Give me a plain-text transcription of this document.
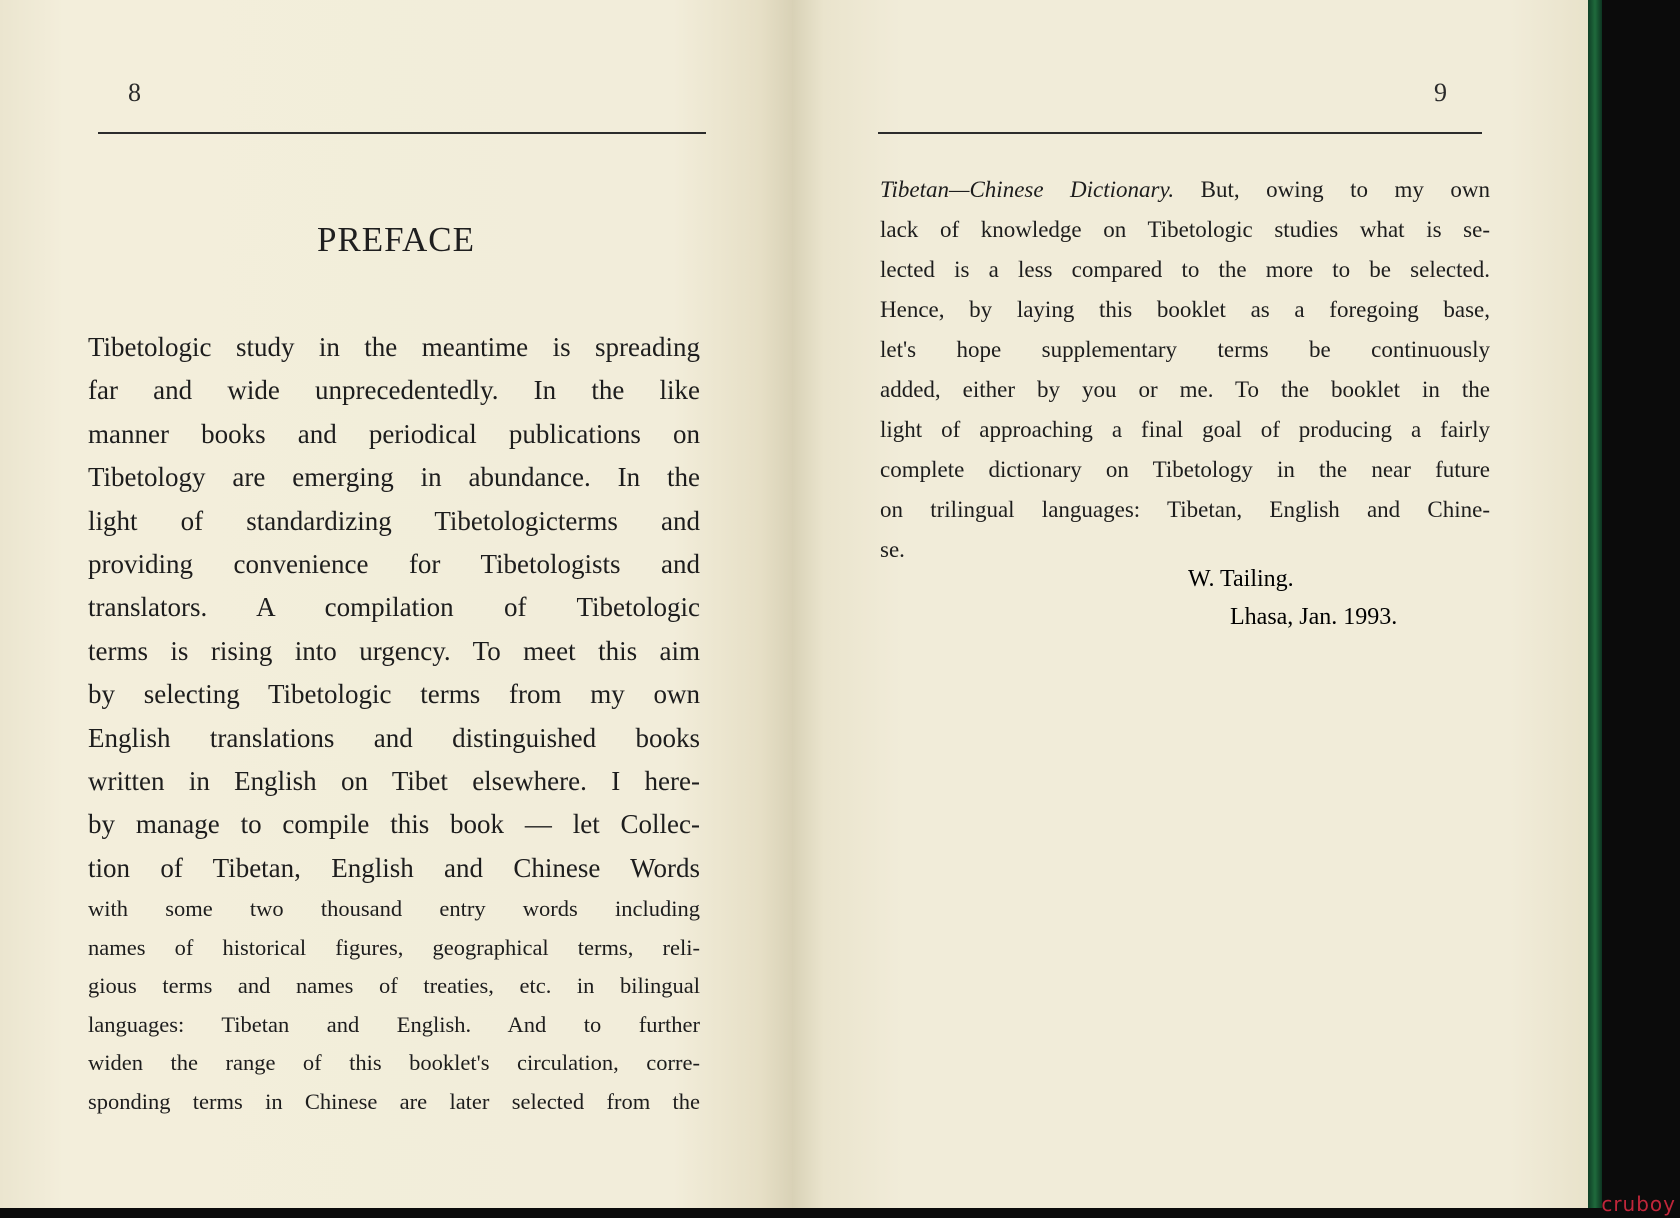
8
PREFACE
Tibetologic study in the meantime is spreading
far and wide unprecedentedly. In the like
manner books and periodical publications on
Tibetology are emerging in abundance. In the
light of standardizing Tibetologicterms and
providing convenience for Tibetologists and
translators. A compilation of Tibetologic
terms is rising into urgency. To meet this aim
by selecting Tibetologic terms from my own
English translations and distinguished books
written in English on Tibet elsewhere. I here-
by manage to compile this book — let Collec-
tion of Tibetan, English and Chinese Words
with some two thousand entry words including
names of historical figures, geographical terms, reli-
gious terms and names of treaties, etc. in bilingual
languages: Tibetan and English. And to further
widen the range of this booklet's circulation, corre-
sponding terms in Chinese are later selected from the
9
Tibetan—Chinese Dictionary. But, owing to my own
lack of knowledge on Tibetologic studies what is se-
lected is a less compared to the more to be selected.
Hence, by laying this booklet as a foregoing base,
let's hope supplementary terms be continuously
added, either by you or me. To the booklet in the
light of approaching a final goal of producing a fairly
complete dictionary on Tibetology in the near future
on trilingual languages: Tibetan, English and Chine-
se.
W. Tailing.
Lhasa, Jan. 1993.
cruboy
